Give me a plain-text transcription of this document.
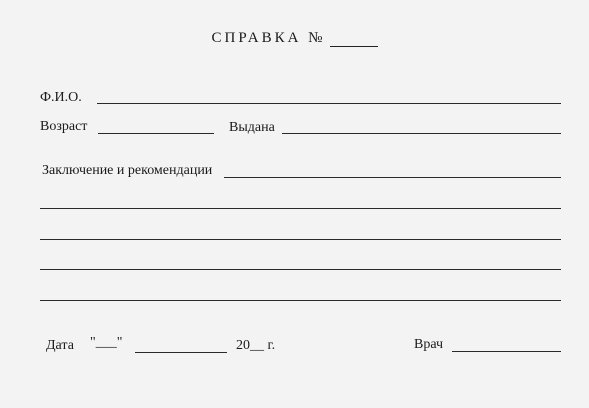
СПРАВКА №
Ф.И.О.
Возраст	Выдана
Заключение и рекомендации
Дата "___"	20__ г.	Врач
